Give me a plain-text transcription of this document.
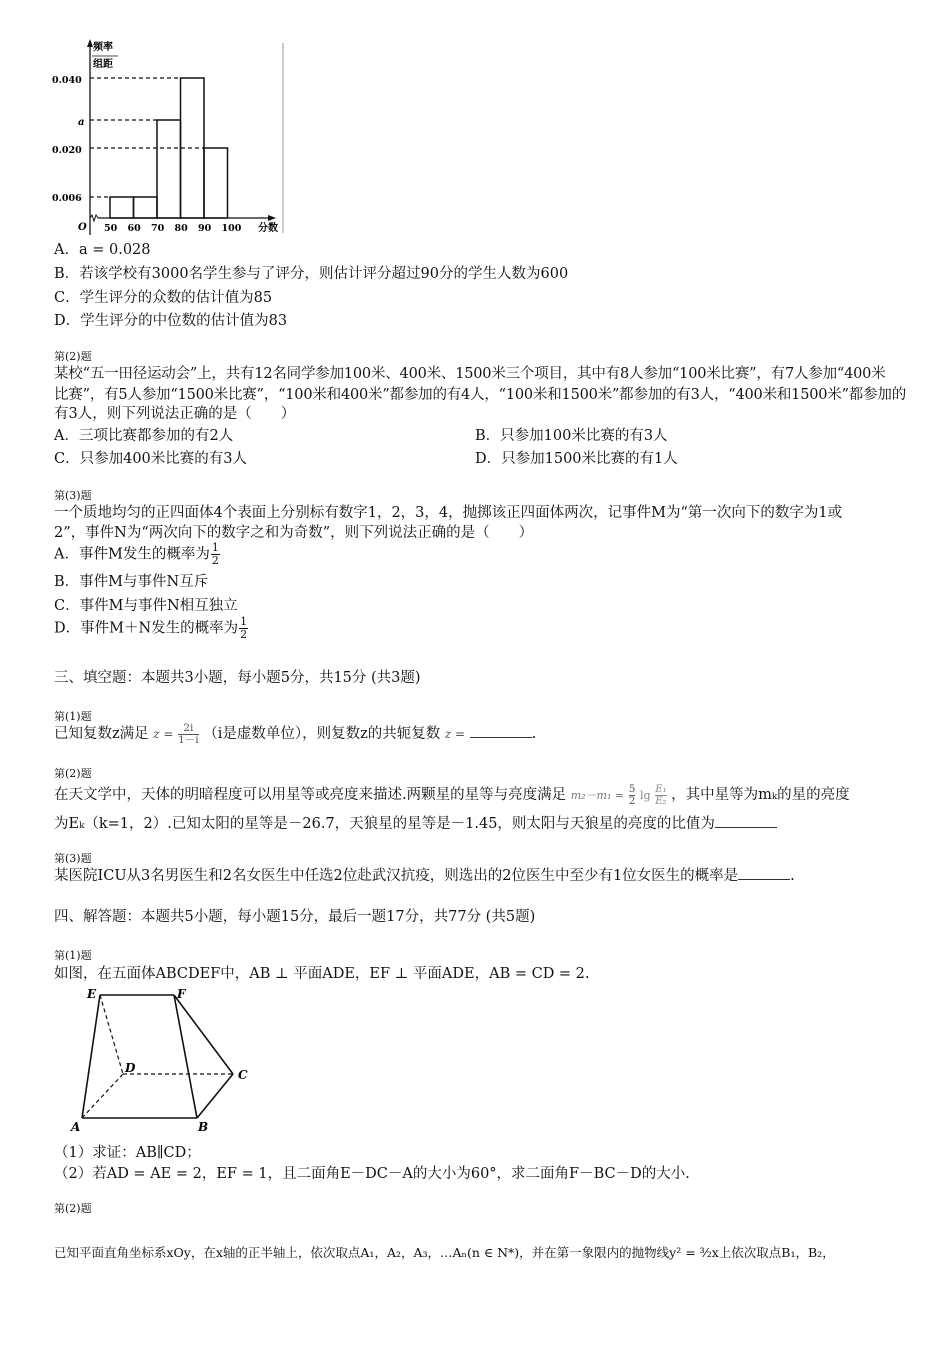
频率
组距
0.040
a
0.020
0.006
O 50 60 70 80 90 100 分数
A．a = 0.028
B．若该学校有3000名学生参与了评分，则估计评分超过90分的学生人数为600
C．学生评分的众数的估计值为85
D．学生评分的中位数的估计值为83
第(2)题
某校“五一田径运动会”上，共有12名同学参加100米、400米、1500米三个项目，其中有8人参加“100米比赛”，有7人参加“400米
比赛”，有5人参加“1500米比赛”，“100米和400米”都参加的有4人，“100米和1500米”都参加的有3人，“400米和1500米”都参加的
有3人，则下列说法正确的是（　　）
A．三项比赛都参加的有2人	B．只参加100米比赛的有3人
C．只参加400米比赛的有3人	D．只参加1500米比赛的有1人
第(3)题
一个质地均匀的正四面体4个表面上分别标有数字1，2，3，4，抛掷该正四面体两次，记事件M为“第一次向下的数字为1或
2”，事件N为“两次向下的数字之和为奇数”，则下列说法正确的是（　　）
A．事件M发生的概率为 $\frac{1}{2}$
B．事件M与事件N互斥
C．事件M与事件N相互独立
D．事件M＋N发生的概率为 $\frac{1}{2}$
三、填空题：本题共3小题，每小题5分，共15分 (共3题)
第(1)题
已知复数z满足 $z = \frac{2i}{1-i} (i$是虚数单位），则复数z的共轭复数 z =	.
第(2)题
在天文学中，天体的明暗程度可以用星等或亮度来描述.两颗星的星等与亮度满足 $m_2-m_1 = \frac{5}{2}$ $\lg \frac{\text{E₁}}{\text{E₂}}$ ，其中星等为mₖ的星的亮度
为Eₖ（k=1，2）.已知太阳的星等是－26.7，天狼星的星等是－1.45，则太阳与天狼星的亮度的比值为
第(3)题
某医院ICU从3名男医生和2名女医生中任选2位赴武汉抗疫，则选出的2位医生中至少有1位女医生的概率是	.
四、解答题：本题共5小题，每小题15分，最后一题17分，共77分 (共5题)
第(1)题
如图，在五面体ABCDEF中，AB ⊥ 平面ADE，EF ⊥ 平面ADE，AB = CD = 2.
E	F
D	C
A	B
（1）求证：AB∥CD；
（2）若AD = AE = 2，EF = 1，且二面角E－DC－A的大小为60°，求二面角F－BC－D的大小.
第(2)题
已知平面直角坐标系xOy，在x轴的正半轴上，依次取点A₁，A₂，A₃，…Aₙ(n ∈ N*)，并在第一象限内的抛物线y² = ³⁄₂x上依次取点B₁，B₂，
